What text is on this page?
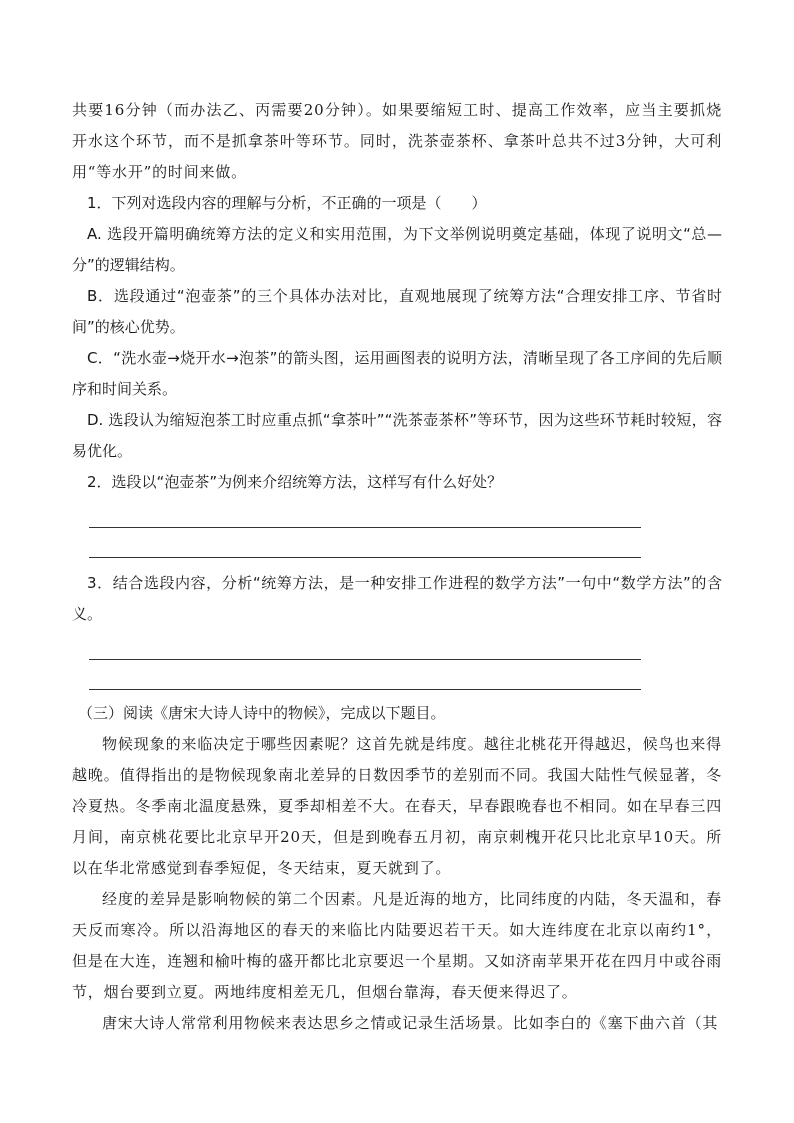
共要16分钟（而办法乙、丙需要20分钟）。如果要缩短工时、提高工作效率，应当主要抓烧开水这个环节，而不是抓拿茶叶等环节。同时，洗茶壶茶杯、拿茶叶总共不过3分钟，大可利用“等水开”的时间来做。

1．下列对选段内容的理解与分析，不正确的一项是（　　）

A. 选段开篇明确统筹方法的定义和实用范围，为下文举例说明奠定基础，体现了说明文“总—分”的逻辑结构。

B．选段通过“泡壶茶”的三个具体办法对比，直观地展现了统筹方法“合理安排工序、节省时间”的核心优势。

C．“洗水壶→烧开水→泡茶”的箭头图，运用画图表的说明方法，清晰呈现了各工序间的先后顺序和时间关系。

D. 选段认为缩短泡茶工时应重点抓“拿茶叶”“洗茶壶茶杯”等环节，因为这些环节耗时较短，容易优化。

2．选段以“泡壶茶”为例来介绍统筹方法，这样写有什么好处？

3．结合选段内容，分析“统筹方法，是一种安排工作进程的数学方法”一句中“数学方法”的含义。

（三）阅读《唐宋大诗人诗中的物候》，完成以下题目。

物候现象的来临决定于哪些因素呢？这首先就是纬度。越往北桃花开得越迟，候鸟也来得越晚。值得指出的是物候现象南北差异的日数因季节的差别而不同。我国大陆性气候显著，冬冷夏热。冬季南北温度悬殊，夏季却相差不大。在春天，早春跟晚春也不相同。如在早春三四月间，南京桃花要比北京早开20天，但是到晚春五月初，南京刺槐开花只比北京早10天。所以在华北常感觉到春季短促，冬天结束，夏天就到了。

经度的差异是影响物候的第二个因素。凡是近海的地方，比同纬度的内陆，冬天温和，春天反而寒冷。所以沿海地区的春天的来临比内陆要迟若干天。如大连纬度在北京以南约1°，但是在大连，连翘和榆叶梅的盛开都比北京要迟一个星期。又如济南苹果开花在四月中或谷雨节，烟台要到立夏。两地纬度相差无几，但烟台靠海，春天便来得迟了。

唐宋大诗人常常利用物候来表达思乡之情或记录生活场景。比如李白的《塞下曲六首（其
